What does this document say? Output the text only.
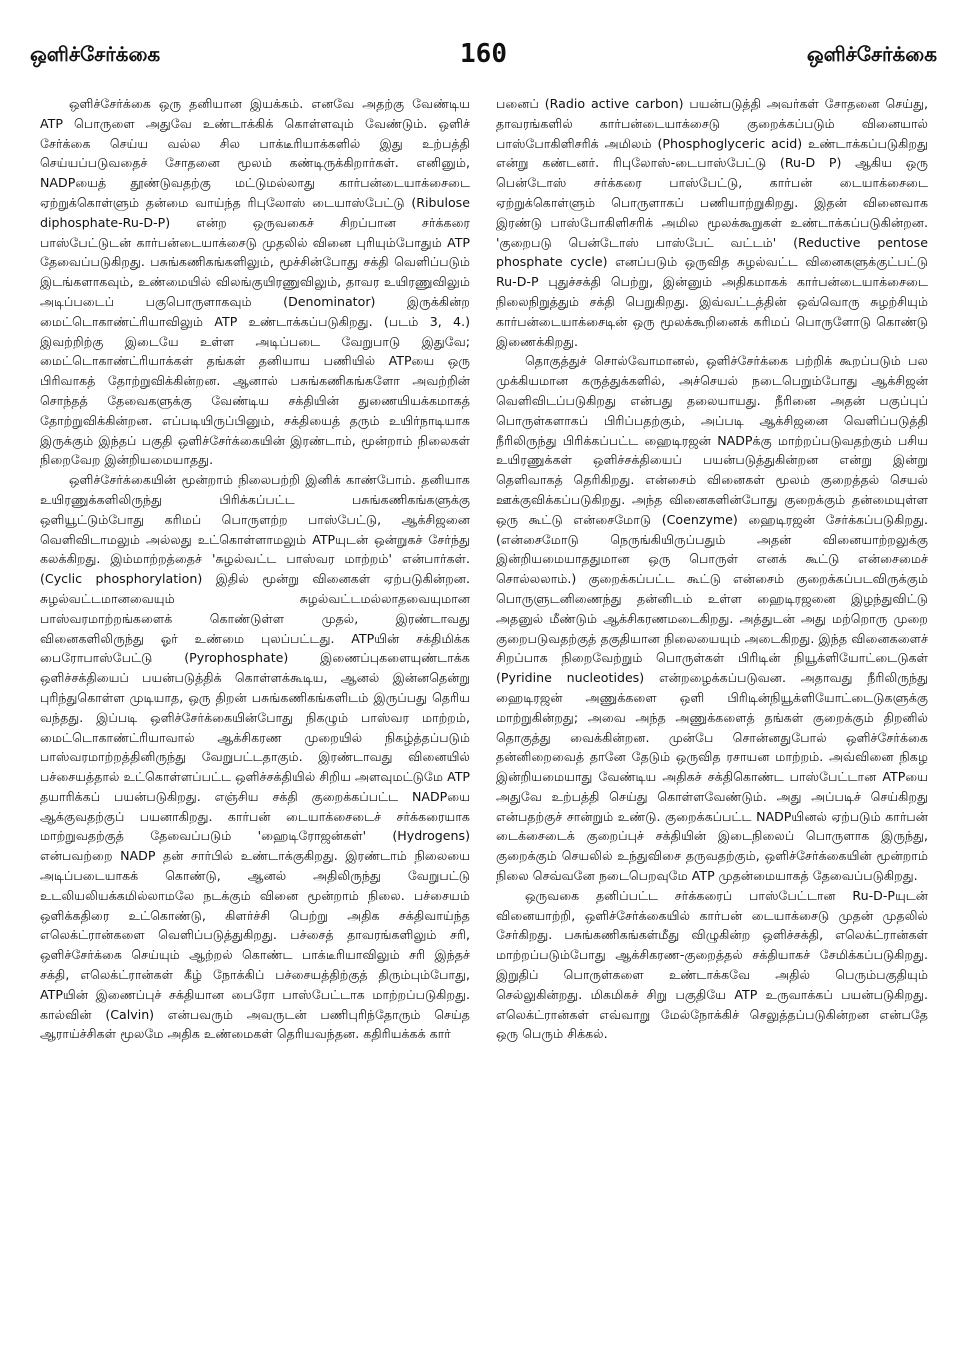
ஒளிச்சேர்க்கை	160	ஒளிச்சேர்க்கை

ஒளிச்சேர்க்கை ஒரு தனியான இயக்கம். எனவே அதற்கு வேண்டிய ATP பொருளை அதுவே உண்டாக்கிக் கொள்ளவும் வேண்டும். ஒளிச் சேர்க்கை செய்ய வல்ல சில பாக்டீரியாக்களில் இது உற்பத்தி செய்யப்படுவதைச் சோதனை மூலம் கண்டிருக்கிறார்கள். எனினும், NADPயைத் தூண்டுவதற்கு மட்டுமல்லாது கார்பன்டையாக்சைடை ஏற்றுக்கொள்ளும் தன்மை வாய்ந்த ரிபுலோஸ் டையாஸ்பேட்டு (Ribulose diphosphate-Ru-D-P) என்ற ஒருவகைச் சிறப்பான சர்க்கரை பாஸ்பேட்டுடன் கார்பன்டையாக்சைடு முதலில் வினை புரியும்போதும் ATP தேவைப்படுகிறது. பசுங்கணிகங்களிலும், மூச்சின்போது சக்தி வெளிப்படும் இடங்களாகவும், உண்மையில் விலங்குயிரணுவிலும், தாவர உயிரணுவிலும் அடிப்படைப் பகுபொருளாகவும் (Denominator) இருக்கின்ற மைட்டொகாண்ட்ரியாவிலும் ATP உண்டாக்கப்படுகிறது. (படம் 3, 4.) இவற்றிற்கு இடையே உள்ள அடிப்படை வேறுபாடு இதுவே; மைட்டொகாண்ட்ரியாக்கள் தங்கள் தனியாய பணியில் ATPயை ஒரு பிரிவாகத் தோற்றுவிக்கின்றன. ஆனால் பசுங்கணிகங்களோ அவற்றின் சொந்தத் தேவைகளுக்கு வேண்டிய சக்தியின் துணையியக்கமாகத் தோற்றுவிக்கின்றன. எப்படியிருப்பினும், சக்தியைத் தரும் உயிர்நாடியாக இருக்கும் இந்தப் பகுதி ஒளிச்சேர்க்கையின் இரண்டாம், மூன்றாம் நிலைகள் நிறைவேற இன்றியமையாதது.

ஒளிச்சேர்க்கையின் மூன்றாம் நிலைபற்றி இனிக் காண்போம். தனியாக உயிரணுக்களிலிருந்து பிரிக்கப்பட்ட பசுங்கணிகங்களுக்கு ஒளியூட்டும்போது கரிமப் பொருளற்ற பாஸ்பேட்டு, ஆக்சிஜனை வெளிவிடாமலும் அல்லது உட்கொள்ளாமலும் ATPயுடன் ஒன்றுகச் சேர்ந்து கலக்கிறது. இம்மாற்றத்தைச் 'சுழல்வட்ட பாஸ்வர மாற்றம்' என்பார்கள். (Cyclic phosphorylation) இதில் மூன்று வினைகள் ஏற்படுகின்றன. சுழல்வட்டமானவையும் சுழல்வட்டமல்லாதவையுமான பாஸ்வரமாற்றங்களைக் கொண்டுள்ள முதல், இரண்டாவது வினைகளிலிருந்து ஓர் உண்மை புலப்பட்டது. ATPயின் சக்திமிக்க பைரோபாஸ்பேட்டு (Pyrophosphate) இணைப்புகளையுண்டாக்க ஒளிச்சக்தியைப் பயன்படுத்திக் கொள்ளக்கூடிய, ஆனல் இன்னதென்று புரிந்துகொள்ள முடியாத, ஒரு திறன் பசுங்கணிகங்களிடம் இருப்பது தெரிய வந்தது. இப்படி ஒளிச்சேர்க்கையின்போது நிகழும் பாஸ்வர மாற்றம், மைட்டொகாண்ட்ரியாவால் ஆக்சிகரண முறையில் நிகழ்த்தப்படும் பாஸ்வரமாற்றத்தினிருந்து வேறுபட்டதாகும். இரண்டாவது வினையில் பச்சையத்தால் உட்கொள்ளப்பட்ட ஒளிச்சக்தியில் சிறிய அளவுமட்டுமே ATP தயாரிக்கப் பயன்படுகிறது. எஞ்சிய சக்தி குறைக்கப்பட்ட NADPயை ஆக்குவதற்குப் பயனாகிறது. கார்பன் டையாக்சைடைச் சர்க்கரையாக மாற்றுவதற்குத் தேவைப்படும் 'ஹைடிரோஜன்கள்' (Hydrogens) என்பவற்றை NADP தன் சார்பில் உண்டாக்குகிறது. இரண்டாம் நிலையை அடிப்படையாகக் கொண்டு, ஆனல் அதிலிருந்து வேறுபட்டு உடலியலியக்கமில்லாமலே நடக்கும் வினை மூன்றாம் நிலை. பச்சையம் ஒளிக்கதிரை உட்கொண்டு, கிளர்ச்சி பெற்று அதிக சக்திவாய்ந்த எலெக்ட்ரான்களை வெளிப்படுத்துகிறது. பச்சைத் தாவரங்களிலும் சரி, ஒளிச்சேர்க்கை செய்யும் ஆற்றல் கொண்ட பாக்டீரியாவிலும் சரி இந்தச் சக்தி, எலெக்ட்ரான்கள் கீழ் நோக்கிப் பச்சையத்திற்குத் திரும்பும்போது, ATPயின் இணைப்புச் சக்தியான பைரோ பாஸ்பேட்டாக மாற்றப்படுகிறது. கால்வின் (Calvin) என்பவரும் அவருடன் பணிபுரிந்தோரும் செய்த ஆராய்ச்சிகள் மூலமே அதிக உண்மைகள் தெரியவந்தன. கதிரியக்கக் கார்

பனைப் (Radio active carbon) பயன்படுத்தி அவர்கள் சோதனை செய்து, தாவரங்களில் கார்பன்டையாக்சைடு குறைக்கப்படும் வினையால் பாஸ்போகிளிசரிக் அமிலம் (Phosphoglyceric acid) உண்டாக்கப்படுகிறது என்று கண்டனர். ரிபுலோஸ்-டைபாஸ்பேட்டு (Ru-D P) ஆகிய ஒரு பென்டோஸ் சர்க்கரை பாஸ்பேட்டு, கார்பன் டையாக்சைடை ஏற்றுக்கொள்ளும் பொருளாகப் பணியாற்றுகிறது. இதன் வினைவாக இரண்டு பாஸ்போகிளிசரிக் அமில மூலக்கூறுகள் உண்டாக்கப்படுகின்றன. 'குறைபடு பென்டோஸ் பாஸ்பேட் வட்டம்' (Reductive pentose phosphate cycle) எனப்படும் ஒருவித சுழல்வட்ட வினைகளுக்குட்பட்டு Ru-D-P புதுச்சக்தி பெற்று, இன்னும் அதிகமாகக் கார்பன்டையாக்சைடை நிலைநிறுத்தும் சக்தி பெறுகிறது. இவ்வட்டத்தின் ஒவ்வொரு சுழற்சியும் கார்பன்டையாக்சைடின் ஒரு மூலக்கூறினைக் கரிமப் பொருளோடு கொண்டு இணைக்கிறது.

தொகுத்துச் சொல்வோமானல், ஒளிச்சேர்க்கை பற்றிக் கூறப்படும் பல முக்கியமான கருத்துக்களில், அச்செயல் நடைபெறும்போது ஆக்சிஜன் வெளிவிடப்படுகிறது என்பது தலையாயது. நீரினை அதன் பகுப்புப் பொருள்களாகப் பிரிப்பதற்கும், அப்படி ஆக்சிஜனை வெளிப்படுத்தி நீரிலிருந்து பிரிக்கப்பட்ட ஹைடிரஜன் NADPக்கு மாற்றப்படுவதற்கும் பசிய உயிரணுக்கள் ஒளிச்சக்தியைப் பயன்படுத்துகின்றன என்று இன்று தெளிவாகத் தெரிகிறது. என்சைம் வினைகள் மூலம் குறைத்தல் செயல் ஊக்குவிக்கப்படுகிறது. அந்த வினைகளின்போது குறைக்கும் தன்மையுள்ள ஒரு கூட்டு என்சைமோடு (Coenzyme) ஹைடிரஜன் சேர்க்கப்படுகிறது. (என்சைமோடு நெருங்கியிருப்பதும் அதன் வினையாற்றலுக்கு இன்றியமையாததுமான ஒரு பொருள் எனக் கூட்டு என்சைமைச் சொல்லலாம்.) குறைக்கப்பட்ட கூட்டு என்சைம் குறைக்கப்படவிருக்கும் பொருளுடனிணைந்து தன்னிடம் உள்ள ஹைடிரஜனை இழந்துவிட்டு அதனுல் மீண்டும் ஆக்சிகரணமடைகிறது. அத்துடன் அது மற்றொரு முறை குறைபடுவதற்குத் தகுதியான நிலையையும் அடைகிறது. இந்த வினைகளைச் சிறப்பாக நிறைவேற்றும் பொருள்கள் பிரிடின் நியூக்ளியோட்டைடுகள் (Pyridine nucleotides) என்றழைக்கப்படுவன. அதாவது நீரிலிருந்து ஹைடிரஜன் அணுக்களை ஒளி பிரிடின்நியூக்ளியோட்டைடுகளுக்கு மாற்றுகின்றது; அவை அந்த அணுக்களைத் தங்கள் குறைக்கும் திறனில் தொகுத்து வைக்கின்றன. முன்பே சொன்னதுபோல் ஒளிச்சேர்க்கை தன்னிறைவைத் தானே தேடும் ஒருவித ரசாயன மாற்றம். அவ்வினை நிகழ இன்றியமையாது வேண்டிய அதிகச் சக்திகொண்ட பாஸ்பேட்டான ATPயை அதுவே உற்பத்தி செய்து கொள்ளவேண்டும். அது அப்படிச் செய்கிறது என்பதற்குச் சான்றும் உண்டு. குறைக்கப்பட்ட NADPயினல் ஏற்படும் கார்பன் டைக்சைடைக் குறைப்புச் சக்தியின் இடைநிலைப் பொருளாக இருந்து, குறைக்கும் செயலில் உந்துவிசை தருவதற்கும், ஒளிச்சேர்க்கையின் மூன்றாம் நிலை செவ்வனே நடைபெறவுமே ATP முதன்மையாகத் தேவைப்படுகிறது.

ஒருவகை தனிப்பட்ட சர்க்கரைப் பாஸ்பேட்டான Ru-D-Pயுடன் வினையாற்றி, ஒளிச்சேர்க்கையில் கார்பன் டையாக்சைடு முதன் முதலில் சேர்கிறது. பசுங்கணிகங்கள்மீது விழுகின்ற ஒளிச்சக்தி, எலெக்ட்ரான்கள் மாற்றப்படும்போது ஆக்சிகரண-குறைத்தல் சக்தியாகச் சேமிக்கப்படுகிறது. இறுதிப் பொருள்களை உண்டாக்கவே அதில் பெரும்பகுதியும் செல்லுகின்றது. மிகமிகச் சிறு பகுதியே ATP உருவாக்கப் பயன்படுகிறது. எலெக்ட்ரான்கள் எவ்வாறு மேல்நோக்கிச் செலுத்தப்படுகின்றன என்பதே ஒரு பெரும் சிக்கல்.
